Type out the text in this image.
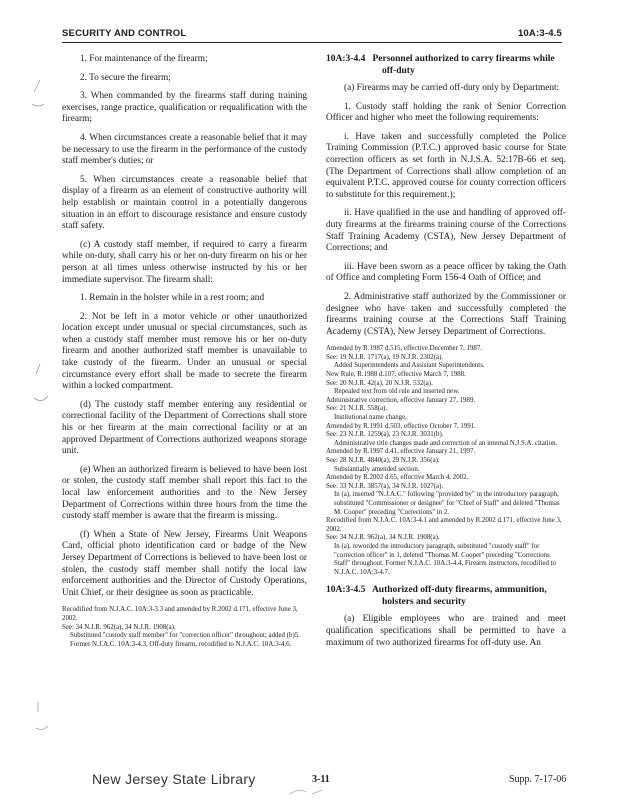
SECURITY AND CONTROL	10A:3-4.5

1. For maintenance of the firearm;

2. To secure the firearm;

3. When commanded by the firearms staff during training exercises, range practice, qualification or requalification with the firearm;

4. When circumstances create a reasonable belief that it may be necessary to use the firearm in the performance of the custody staff member's duties; or

5. When circumstances create a reasonable belief that display of a firearm as an element of constructive authority will help establish or maintain control in a potentially dangerous situation in an effort to discourage resistance and ensure custody staff safety.

(c) A custody staff member, if required to carry a firearm while on-duty, shall carry his or her on-duty firearm on his or her person at all times unless otherwise instructed by his or her immediate supervisor. The firearm shall:

1. Remain in the holster while in a rest room; and

2. Not be left in a motor vehicle or other unauthorized location except under unusual or special circumstances, such as when a custody staff member must remove his or her on-duty firearm and another authorized staff member is unavailable to take custody of the firearm. Under an unusual or special circumstance every effort shall be made to secrete the firearm within a locked compartment.

(d) The custody staff member entering any residential or correctional facility of the Department of Corrections shall store his or her firearm at the main correctional facility or at an approved Department of Corrections authorized weapons storage unit.

(e) When an authorized firearm is believed to have been lost or stolen, the custody staff member shall report this fact to the local law enforcement authorities and to the New Jersey Department of Corrections within three hours from the time the custody staff member is aware that the firearm is missing.

(f) When a State of New Jersey, Firearms Unit Weapons Card, official photo identification card or badge of the New Jersey Department of Corrections is believed to have been lost or stolen, the custody staff member shall notify the local law enforcement authorities and the Director of Custody Operations, Unit Chief, or their designee as soon as practicable.

Recodified from N.J.A.C. 10A:3-3.3 and amended by R.2002 d.171, effective June 3, 2002.

See: 34 N.J.R. 962(a), 34 N.J.R. 1908(a).

Substituted "custody staff member" for "correction officer" throughout; added (b)5. Former N.J.A.C. 10A:3-4.3, Off-duty firearm, recodified to N.J.A.C. 10A:3-4.6.

10A:3-4.4 Personnel authorized to carry firearms while off-duty

(a) Firearms may be carried off-duty only by Department:

1. Custody staff holding the rank of Senior Correction Officer and higher who meet the following requirements:

i. Have taken and successfully completed the Police Training Commission (P.T.C.) approved basic course for State correction officers as set forth in N.J.S.A. 52:17B-66 et seq. (The Department of Corrections shall allow completion of an equivalent P.T.C. approved course for county correction officers to substitute for this requirement.);

ii. Have qualified in the use and handling of approved off-duty firearms at the firearms training course of the Corrections Staff Training Academy (CSTA), New Jersey Department of Corrections; and

iii. Have been sworn as a peace officer by taking the Oath of Office and completing Form 156-4 Oath of Office; and

2. Administrative staff authorized by the Commissioner or designee who have taken and successfully completed the firearms training course at the Corrections Staff Training Academy (CSTA), New Jersey Department of Corrections.

Amended by R.1987 d.515, effective December 7, 1987.

See: 19 N.J.R. 1717(a), 19 N.J.R. 2302(a).

Added Superintendents and Assistant Superintendents.

New Rule, R.1988 d.107, effective March 7, 1988.

See: 20 N.J.R. 42(a), 20 N.J.R. 532(a).

Repealed text from old rule and inserted new.

Administrative correction, effective January 27, 1989.

See: 21 N.J.R. 558(a).

Institutional name change.

Amended by R.1991 d.503, effective October 7, 1991.

See: 23 N.J.R. 1259(a), 23 N.J.R. 3031(b).

Administrative title changes made and correction of an internal N.J.S.A. citation.

Amended by R.1997 d.41, effective January 21, 1997.

See: 28 N.J.R. 4840(a), 29 N.J.R. 356(a).

Substantially amended section.

Amended by R.2002 d.65, effective March 4, 2002.

See: 33 N.J.R. 3857(a), 34 N.J.R. 1027(a).

In (a), inserted "N.J.A.C." following "provided by" in the introductory paragraph, substituted "Commissioner or designee" for "Chief of Staff" and deleted "Thomas M. Cooper" preceding "Corrections" in 2.

Recodified from N.J.A.C. 10A:3-4.1 and amended by R.2002 d.171, effective June 3, 2002.

See: 34 N.J.R. 962(a), 34 N.J.R. 1908(a).

In (a), reworded the introductory paragraph, substituted "custody staff" for "correction officer" in 1, deleted "Thomas M. Cooper" preceding "Corrections Staff" throughout. Former N.J.A.C. 10A:3-4.4, Firearm instructors, recodified to N.J.A.C. 10A:3-4.7.

10A:3-4.5 Authorized off-duty firearms, ammunition, holsters and security

(a) Eligible employees who are trained and meet qualification specifications shall be permitted to have a maximum of two authorized firearms for off-duty use. An

New Jersey State Library	3-11	Supp. 7-17-06
